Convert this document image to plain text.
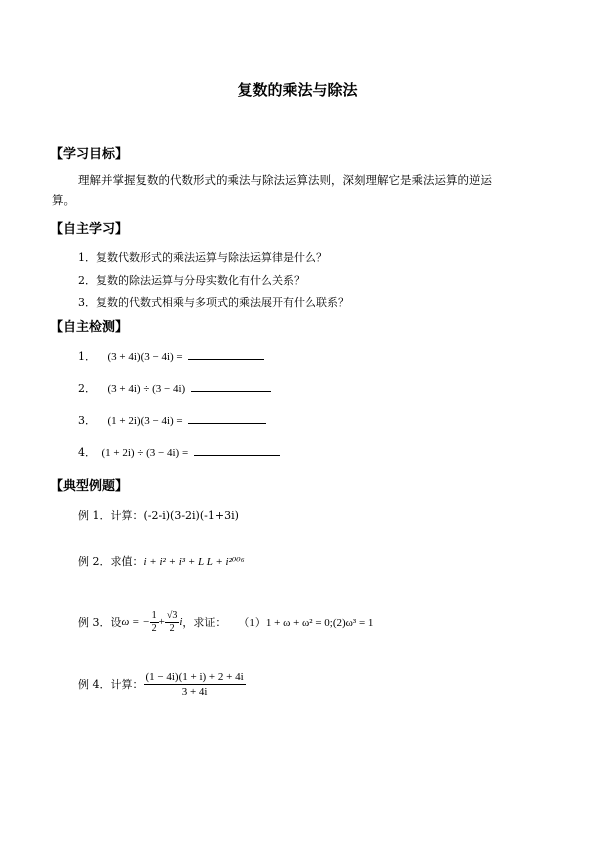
复数的乘法与除法
【学习目标】
理解并掌握复数的代数形式的乘法与除法运算法则，深刻理解它是乘法运算的逆运
算。
【自主学习】
1．复数代数形式的乘法运算与除法运算律是什么？
2．复数的除法运算与分母实数化有什么关系？
3．复数的代数式相乘与多项式的乘法展开有什么联系？
【自主检测】
1． (3 + 4i)(3 − 4i) =
2． (3 + 4i) ÷ (3 − 4i)
3． (1 + 2i)(3 − 4i) =
4． (1 + 2i) ÷ (3 − 4i) =
【典型例题】
例 1．计算：(-2-i)(3-2i)(-1+3i)
例 2．求值：i + i² + i³ + L L + i²⁰⁰⁶
例 3．设 ω = − $\frac{1}{2} + \frac{√3}{2}$ i ，求证： （1）1 + ω + ω² = 0;(2)ω³ = 1
例 4．计算： $\frac{(1 - 4i)(1 + i) + 2 + 4i}{3 + 4i}$
